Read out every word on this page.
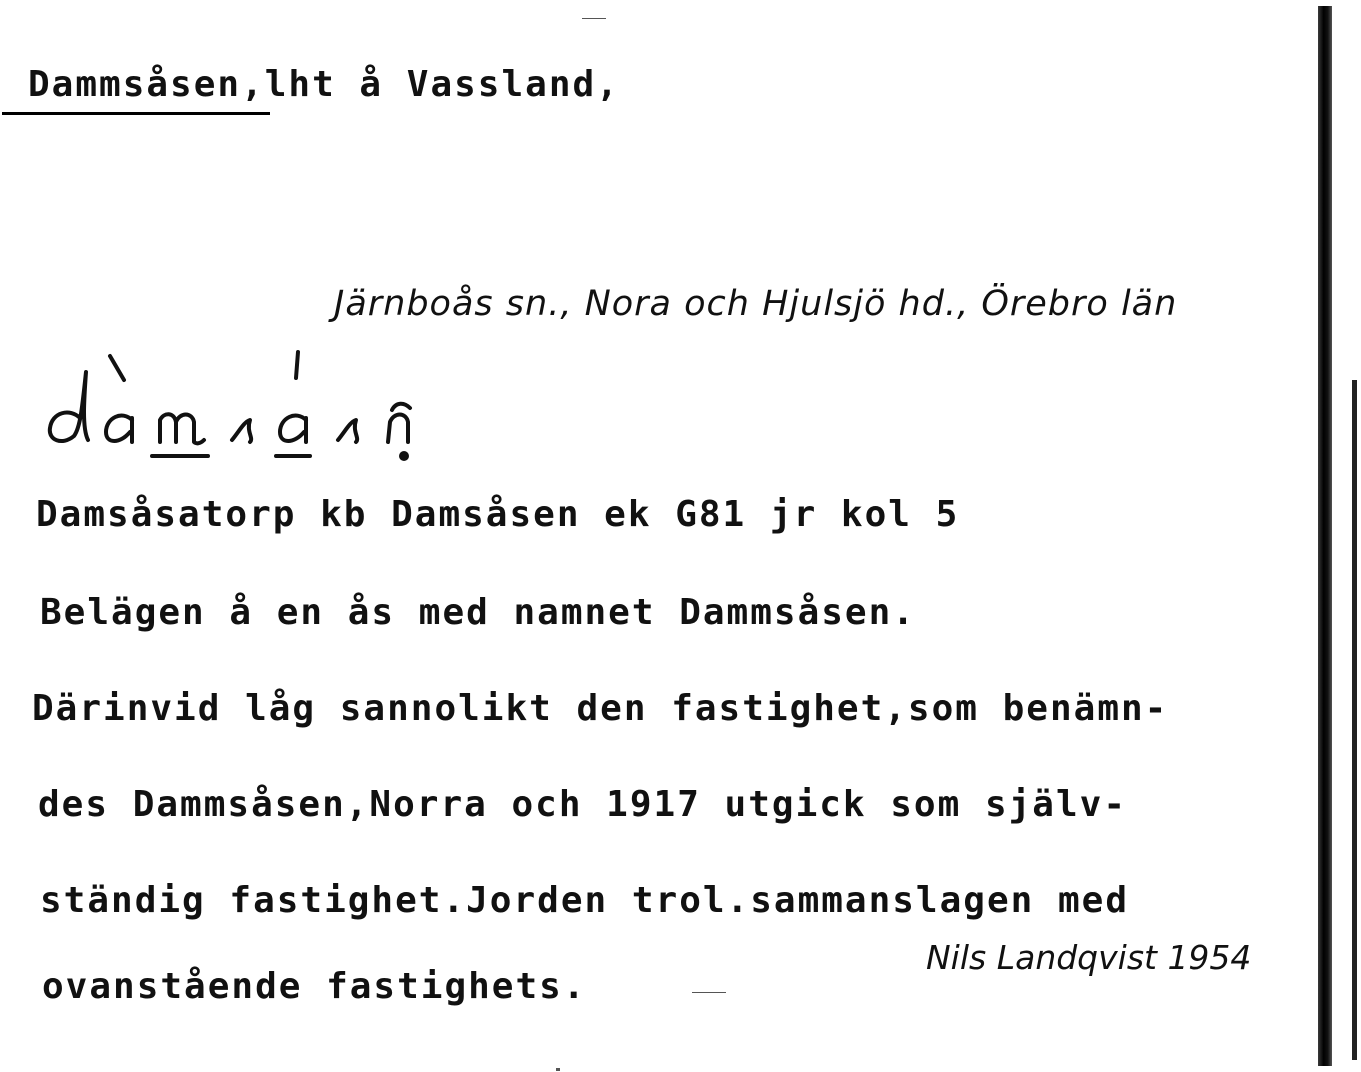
Dammsåsen,lht å Vassland,
Järnboås sn., Nora och Hjulsjö hd., Örebro län
Damsåsatorp kb Damsåsen ek G81 jr kol 5
Belägen å en ås med namnet Dammsåsen.
Därinvid låg sannolikt den fastighet,som benämn-
des Dammsåsen,Norra och 1917 utgick som själv-
ständig fastighet.Jorden trol.sammanslagen med
ovanstående fastighets.
Nils Landqvist 1954
